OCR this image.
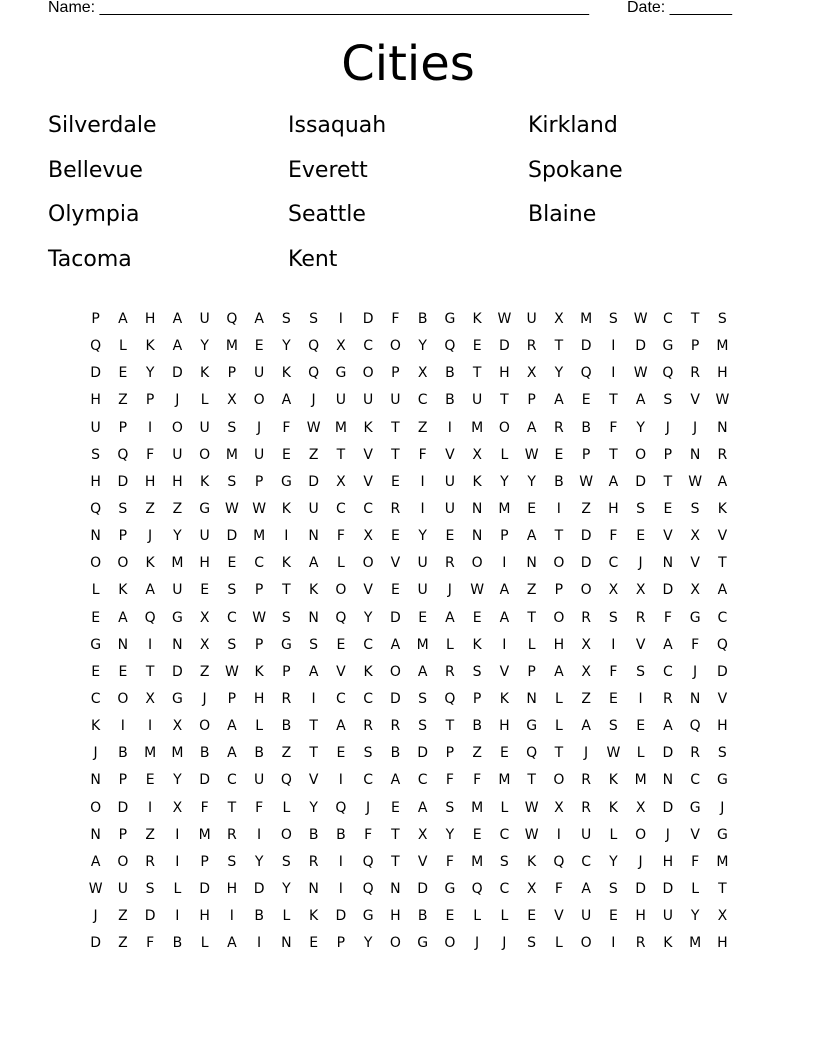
Name: _______________________________________________________ Date: _______
Cities
Silverdale	Issaquah	Kirkland
Bellevue	Everett	Spokane
Olympia	Seattle	Blaine
Tacoma	Kent
P	A	H	A	U	Q	A	S	S	I	D	F	B	G	K	W	U	X	M	S	W	C	T	S
Q	L	K	A	Y	M	E	Y	Q	X	C	O	Y	Q	E	D	R	T	D	I	D	G	P	M
D	E	Y	D	K	P	U	K	Q	G	O	P	X	B	T	H	X	Y	Q	I	W	Q	R	H
H	Z	P	J	L	X	O	A	J	U	U	U	C	B	U	T	P	A	E	T	A	S	V	W
U	P	I	O	U	S	J	F	W	M	K	T	Z	I	M	O	A	R	B	F	Y	J	J	N
S	Q	F	U	O	M	U	E	Z	T	V	T	F	V	X	L	W	E	P	T	O	P	N	R
H	D	H	H	K	S	P	G	D	X	V	E	I	U	K	Y	Y	B	W	A	D	T	W	A
Q	S	Z	Z	G	W W	K	U	C	C	R	I	U	N	M	E	I	Z	H	S	E	S	K
N	P	J	Y	U	D	M	I	N	F	X	E	Y	E	N	P	A	T	D	F	E	V	X	V
O	O	K	M	H	E	C	K	A	L	O	V	U	R	O	I	N	O	D	C	J	N	V	T
L	K	A	U	E	S	P	T	K	O	V	E	U	J	W	A	Z	P	O	X	X	D	X	A
E	A	Q	G	X	C	W	S	N	Q	Y	D	E	A	E	A	T	O	R	S	R	F	G	C
G	N	I	N	X	S	P	G	S	E	C	A	M	L	K	I	L	H	X	I	V	A	F	Q
E	E	T	D	Z	W	K	P	A	V	K	O	A	R	S	V	P	A	X	F	S	C	J	D
C	O	X	G	J	P	H	R	I	C	C	D	S	Q	P	K	N	L	Z	E	I	R	N	V
K	I	I	X	O	A	L	B	T	A	R	R	S	T	B	H	G	L	A	S	E	A	Q	H
J	B	M	M	B	A	B	Z	T	E	S	B	D	P	Z	E	Q	T	J	W	L	D	R	S
N	P	E	Y	D	C	U	Q	V	I	C	A	C	F	F	M	T	O	R	K	M	N	C	G
O	D	I	X	F	T	F	L	Y	Q	J	E	A	S	M	L	W	X	R	K	X	D	G	J
N	P	Z	I	M	R	I	O	B	B	F	T	X	Y	E	C	W	I	U	L	O	J	V	G
A	O	R	I	P	S	Y	S	R	I	Q	T	V	F	M	S	K	Q	C	Y	J	H	F	M
W	U	S	L	D	H	D	Y	N	I	Q	N	D	G	Q	C	X	F	A	S	D	D	L	T
J	Z	D	I	H	I	B	L	K	D	G	H	B	E	L	L	E	V	U	E	H	U	Y	X
D	Z	F	B	L	A	I	N	E	P	Y	O	G	O	J	J	S	L	O	I	R	K	M	H
